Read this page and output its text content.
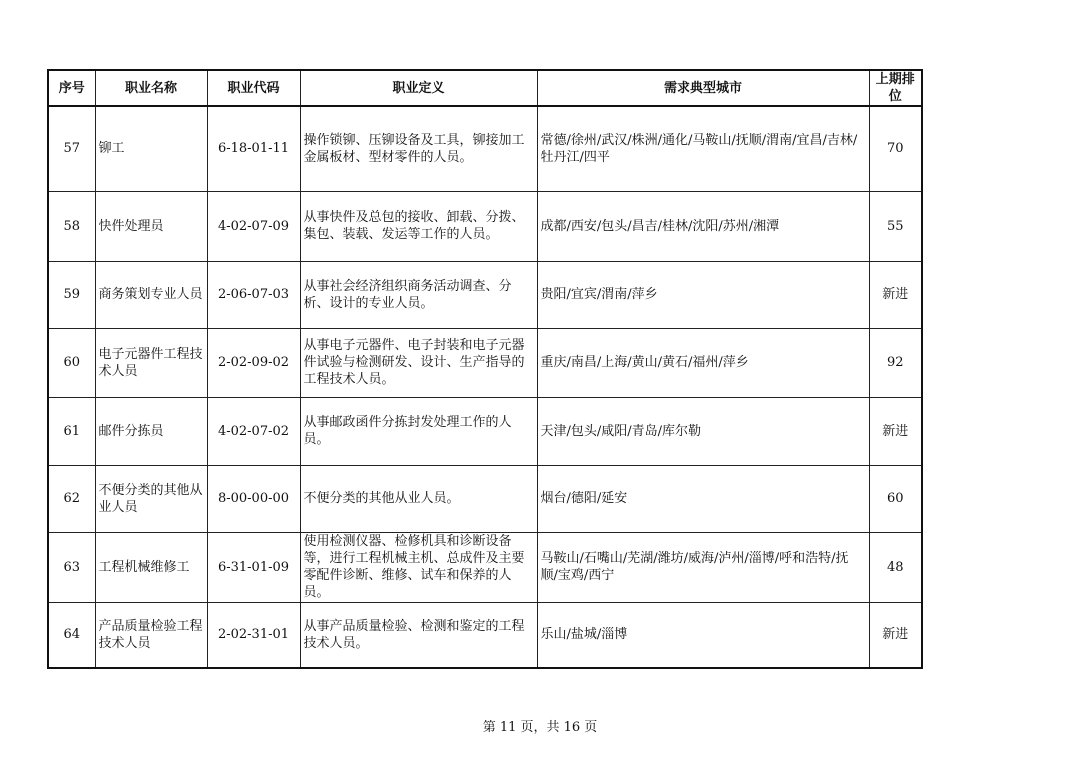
序号	职业名称	职业代码	职业定义	需求典型城市	上期排位
57	铆工	6-18-01-11	操作锁铆、压铆设备及工具，铆接加工金属板材、型材零件的人员。	常德/徐州/武汉/株洲/通化/马鞍山/抚顺/渭南/宜昌/吉林/牡丹江/四平	70
58	快件处理员	4-02-07-09	从事快件及总包的接收、卸载、分拨、集包、装载、发运等工作的人员。	成都/西安/包头/昌吉/桂林/沈阳/苏州/湘潭	55
59	商务策划专业人员	2-06-07-03	从事社会经济组织商务活动调查、分析、设计的专业人员。	贵阳/宜宾/渭南/萍乡	新进
60	电子元器件工程技术人员	2-02-09-02	从事电子元器件、电子封装和电子元器件试验与检测研发、设计、生产指导的工程技术人员。	重庆/南昌/上海/黄山/黄石/福州/萍乡	92
61	邮件分拣员	4-02-07-02	从事邮政函件分拣封发处理工作的人员。	天津/包头/咸阳/青岛/库尔勒	新进
62	不便分类的其他从业人员	8-00-00-00	不便分类的其他从业人员。	烟台/德阳/延安	60
63	工程机械维修工	6-31-01-09	使用检测仪器、检修机具和诊断设备等，进行工程机械主机、总成件及主要零配件诊断、维修、试车和保养的人员。	马鞍山/石嘴山/芜湖/潍坊/威海/泸州/淄博/呼和浩特/抚顺/宝鸡/西宁	48
64	产品质量检验工程技术人员	2-02-31-01	从事产品质量检验、检测和鉴定的工程技术人员。	乐山/盐城/淄博	新进
第 11 页，共 16 页
